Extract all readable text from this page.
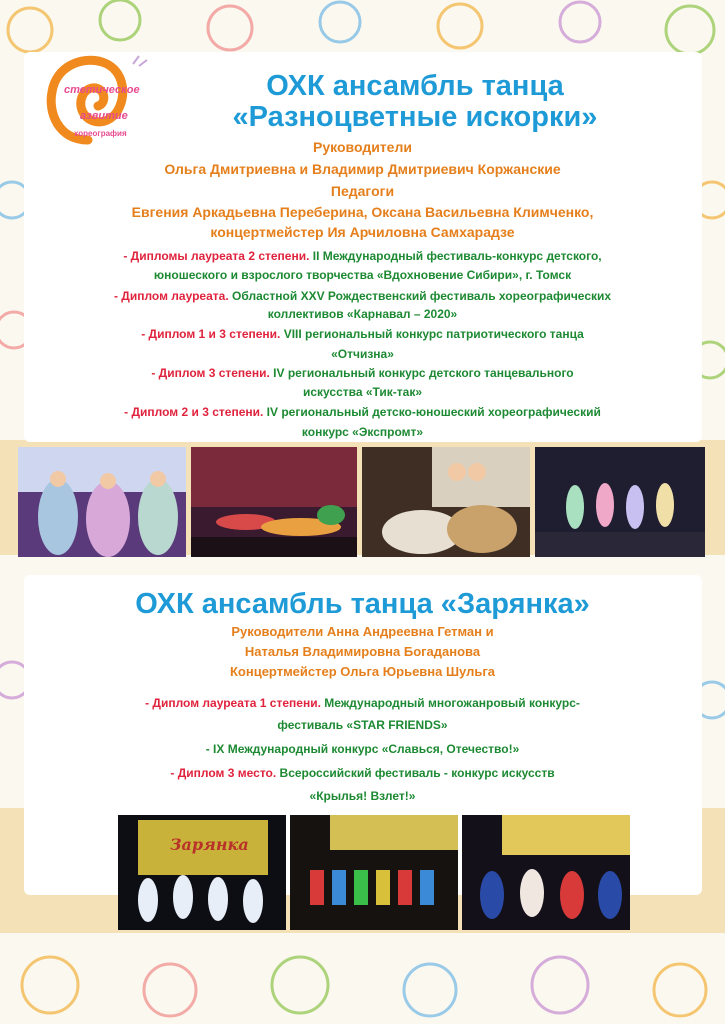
стетическое
азвитие
хореография
ОХК ансамбль танца
«Разноцветные искорки»
Руководители
Ольга Дмитриевна и Владимир Дмитриевич Коржанские
Педагоги
Евгения Аркадьевна Переберина, Оксана Васильевна Климченко,
концертмейстер Ия Арчиловна Самхарадзе
- Дипломы лауреата 2 степени. II Международный фестиваль-конкурс детского,
юношеского и взрослого творчества «Вдохновение Сибири», г. Томск
- Диплом лауреата. Областной XXV Рождественский фестиваль хореографических
коллективов «Карнавал – 2020»
- Диплом 1 и 3 степени. VIII региональный конкурс патриотического танца
«Отчизна»
- Диплом 3 степени. IV региональный конкурс детского танцевального
искусства «Тик-так»
- Диплом 2 и 3 степени. IV региональный детско-юношеский хореографический
конкурс «Экспромт»
ОХК ансамбль танца «Зарянка»
Руководители Анна Андреевна Гетман и
Наталья Владимировна Богаданова
Концертмейстер Ольга Юрьевна Шульга
- Диплом лауреата 1 степени. Международный многожанровый конкурс-
фестиваль «STAR FRIENDS»
- IX Международный конкурс «Славься, Отечество!»
- Диплом 3 место. Всероссийский фестиваль - конкурс искусств
«Крылья! Взлет!»
Зарянка
